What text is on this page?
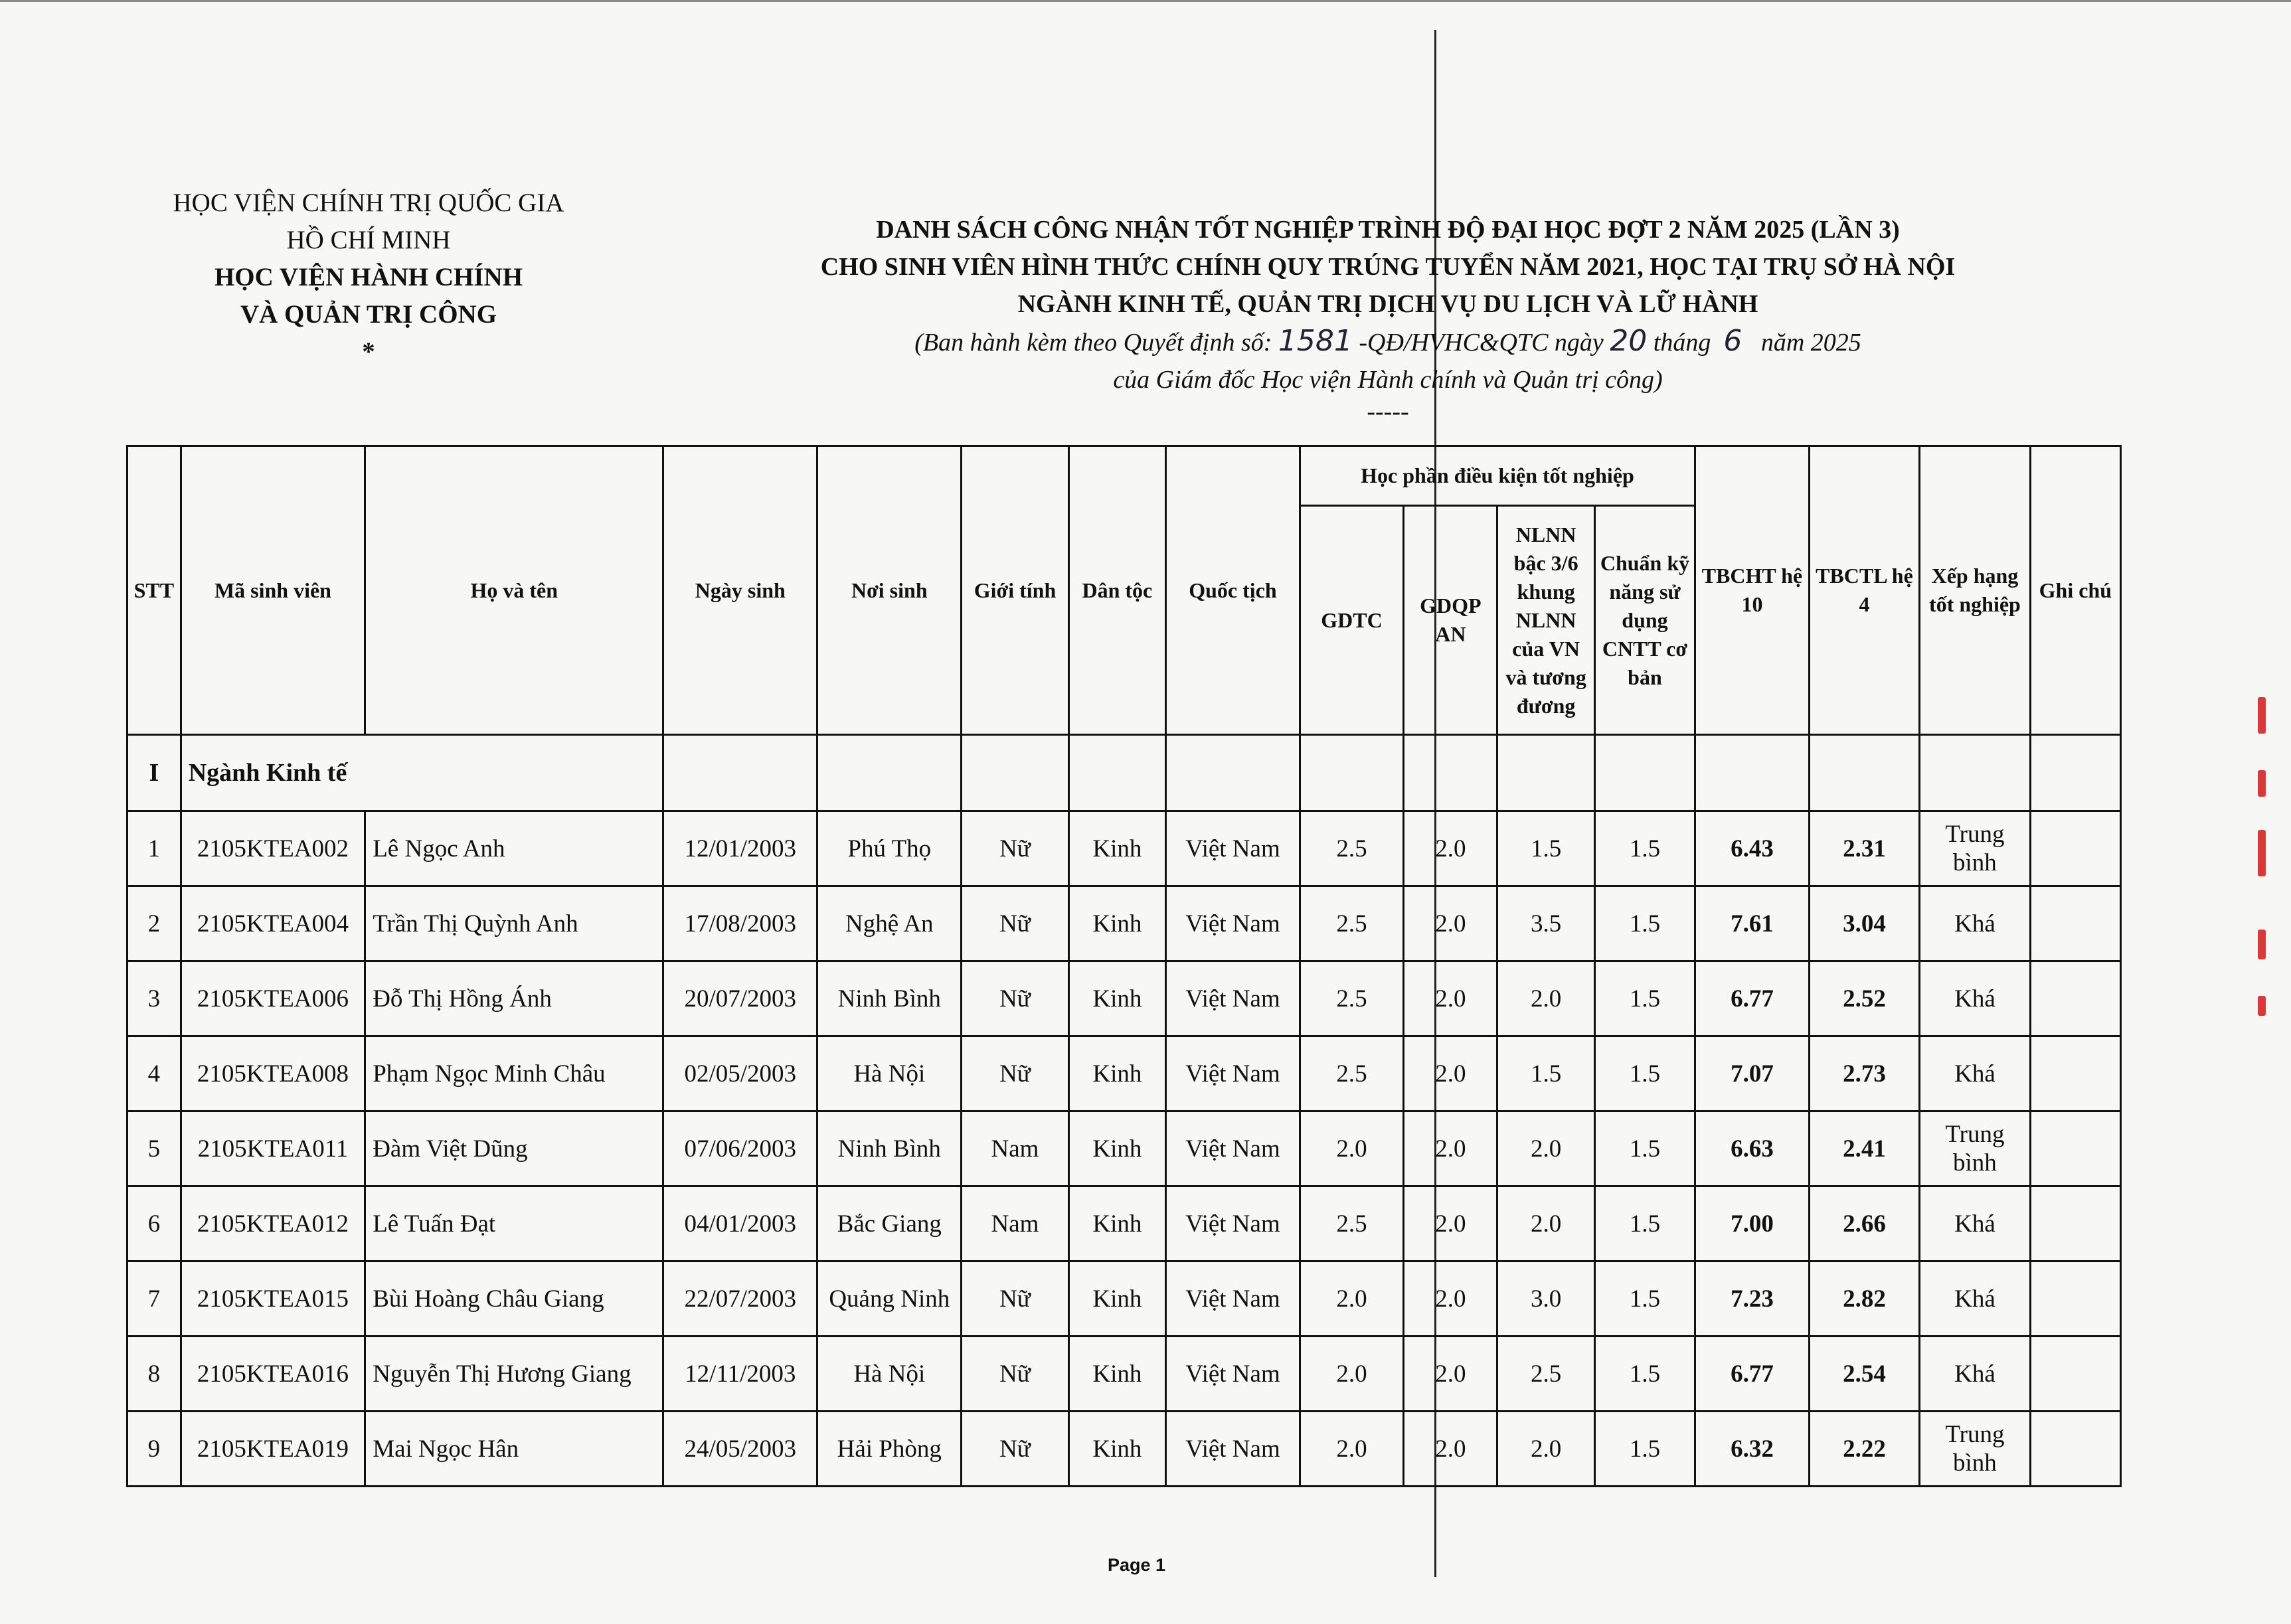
HỌC VIỆN CHÍNH TRỊ QUỐC GIA
HỒ CHÍ MINH
HỌC VIỆN HÀNH CHÍNH
VÀ QUẢN TRỊ CÔNG
*
DANH SÁCH CÔNG NHẬN TỐT NGHIỆP TRÌNH ĐỘ ĐẠI HỌC ĐỢT 2 NĂM 2025 (LẦN 3)
CHO SINH VIÊN HÌNH THỨC CHÍNH QUY TRÚNG TUYỂN NĂM 2021, HỌC TẠI TRỤ SỞ HÀ NỘI
NGÀNH KINH TẾ, QUẢN TRỊ DỊCH VỤ DU LỊCH VÀ LỮ HÀNH
(Ban hành kèm theo Quyết định số: 1581 -QĐ/HVHC&QTC ngày 20 tháng 6 năm 2025
của Giám đốc Học viện Hành chính và Quản trị công)
-----
STT	Mã sinh viên	Họ và tên	Ngày sinh	Nơi sinh	Giới tính	Dân tộc	Quốc tịch	Học phần điều kiện tốt nghiệp				TBCHT hệ 10	TBCTL hệ 4	Xếp hạng tốt nghiệp	Ghi chú
								GDTC	GDQP AN	NLNN bậc 3/6 khung NLNN của VN và tương đương	Chuẩn kỹ năng sử dụng CNTT cơ bản				
I	Ngành Kinh tế														
1	2105KTEA002	Lê Ngọc Anh	12/01/2003	Phú Thọ	Nữ	Kinh	Việt Nam	2.5	2.0	1.5	1.5	6.43	2.31	Trung bình	
2	2105KTEA004	Trần Thị Quỳnh Anh	17/08/2003	Nghệ An	Nữ	Kinh	Việt Nam	2.5	2.0	3.5	1.5	7.61	3.04	Khá	
3	2105KTEA006	Đỗ Thị Hồng Ánh	20/07/2003	Ninh Bình	Nữ	Kinh	Việt Nam	2.5	2.0	2.0	1.5	6.77	2.52	Khá	
4	2105KTEA008	Phạm Ngọc Minh Châu	02/05/2003	Hà Nội	Nữ	Kinh	Việt Nam	2.5	2.0	1.5	1.5	7.07	2.73	Khá	
5	2105KTEA011	Đàm Việt Dũng	07/06/2003	Ninh Bình	Nam	Kinh	Việt Nam	2.0	2.0	2.0	1.5	6.63	2.41	Trung bình	
6	2105KTEA012	Lê Tuấn Đạt	04/01/2003	Bắc Giang	Nam	Kinh	Việt Nam	2.5	2.0	2.0	1.5	7.00	2.66	Khá	
7	2105KTEA015	Bùi Hoàng Châu Giang	22/07/2003	Quảng Ninh	Nữ	Kinh	Việt Nam	2.0	2.0	3.0	1.5	7.23	2.82	Khá	
8	2105KTEA016	Nguyễn Thị Hương Giang	12/11/2003	Hà Nội	Nữ	Kinh	Việt Nam	2.0	2.0	2.5	1.5	6.77	2.54	Khá	
9	2105KTEA019	Mai Ngọc Hân	24/05/2003	Hải Phòng	Nữ	Kinh	Việt Nam	2.0	2.0	2.0	1.5	6.32	2.22	Trung bình	
Page 1
